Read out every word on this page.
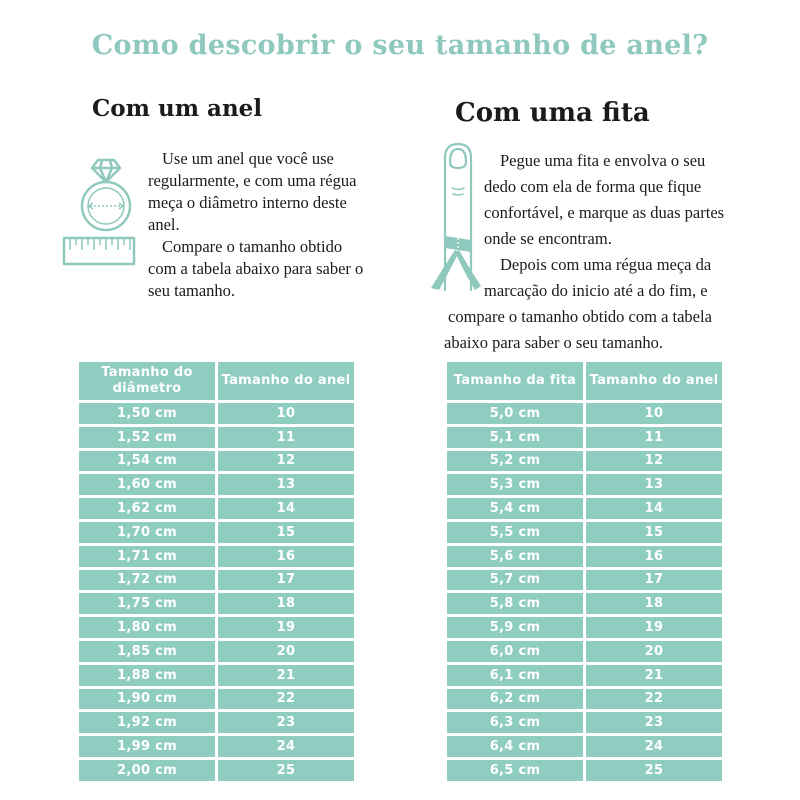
Como descobrir o seu tamanho de anel?
Com um anel	Com uma fita

Use um anel que você use regularmente, e com uma régua meça o diâmetro interno deste anel.

Compare o tamanho obtido com a tabela abaixo para saber o seu tamanho.

Pegue uma fita e envolva o seu
dedo com ela de forma que fique
confortável, e marque as duas partes
onde se encontram.
Depois com uma régua meça da
marcação do inicio até a do fim, e
compare o tamanho obtido com a tabela
abaixo para saber o seu tamanho.
Tamanho do diâmetro	Tamanho do anel
1,50 cm	10
1,52 cm	11
1,54 cm	12
1,60 cm	13
1,62 cm	14
1,70 cm	15
1,71 cm	16
1,72 cm	17
1,75 cm	18
1,80 cm	19
1,85 cm	20
1,88 cm	21
1,90 cm	22
1,92 cm	23
1,99 cm	24
2,00 cm	25
Tamanho da fita	Tamanho do anel
5,0 cm	10
5,1 cm	11
5,2 cm	12
5,3 cm	13
5,4 cm	14
5,5 cm	15
5,6 cm	16
5,7 cm	17
5,8 cm	18
5,9 cm	19
6,0 cm	20
6,1 cm	21
6,2 cm	22
6,3 cm	23
6,4 cm	24
6,5 cm	25
